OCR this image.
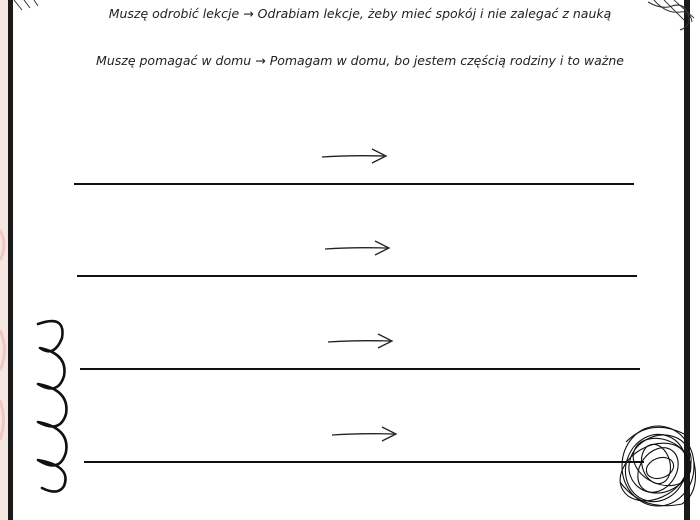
Muszę odrobić lekcje → Odrabiam lekcje, żeby mieć spokój i nie zalegać z nauką
Muszę pomagać w domu → Pomagam w domu, bo jestem częścią rodziny i to ważne
